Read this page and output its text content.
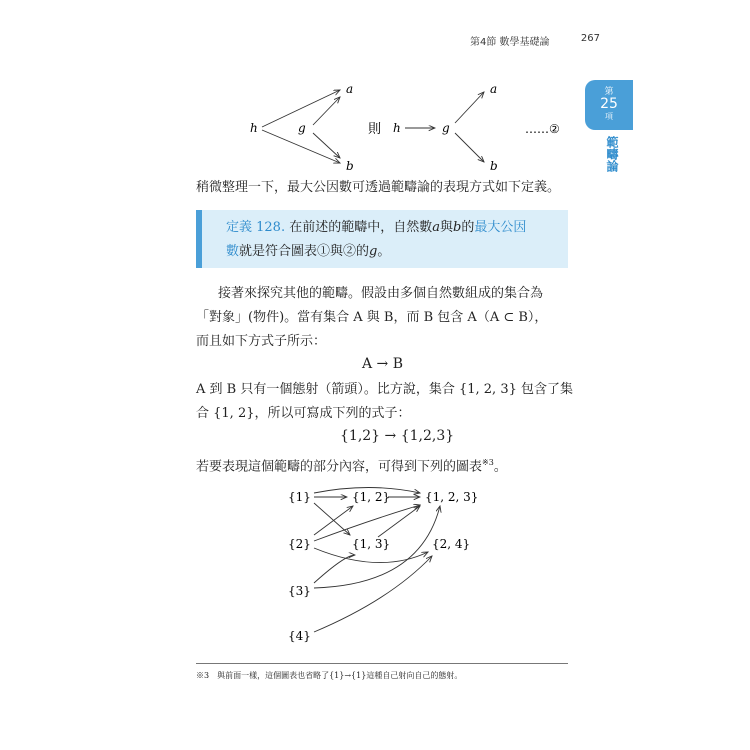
第4節 數學基礎論	267
第
25
項
範疇論
h	g
a
b
則 h	g
a
b
……②
{1}	{1, 2}	{1, 2, 3}
{2}	{1, 3}	{2, 4}
{3}
{4}
稍微整理一下，最大公因數可透過範疇論的表現方式如下定義。
定義 128. 在前述的範疇中，自然數a與b的最大公因
數就是符合圖表①與②的g。
接著來探究其他的範疇。假設由多個自然數組成的集合為
「對象」(物件)。當有集合 A 與 B，而 B 包含 A（A ⊂ B），
而且如下方式子所示：
A → B
A 到 B 只有一個態射（箭頭）。比方說，集合 {1, 2, 3} 包含了集
合 {1, 2}，所以可寫成下列的式子：
{1,2} → {1,2,3}
若要表現這個範疇的部分內容，可得到下列的圖表$^{※3}$。
※3　與前面一樣，這個圖表也省略了{1}→{1}這種自己射向自己的態射。
